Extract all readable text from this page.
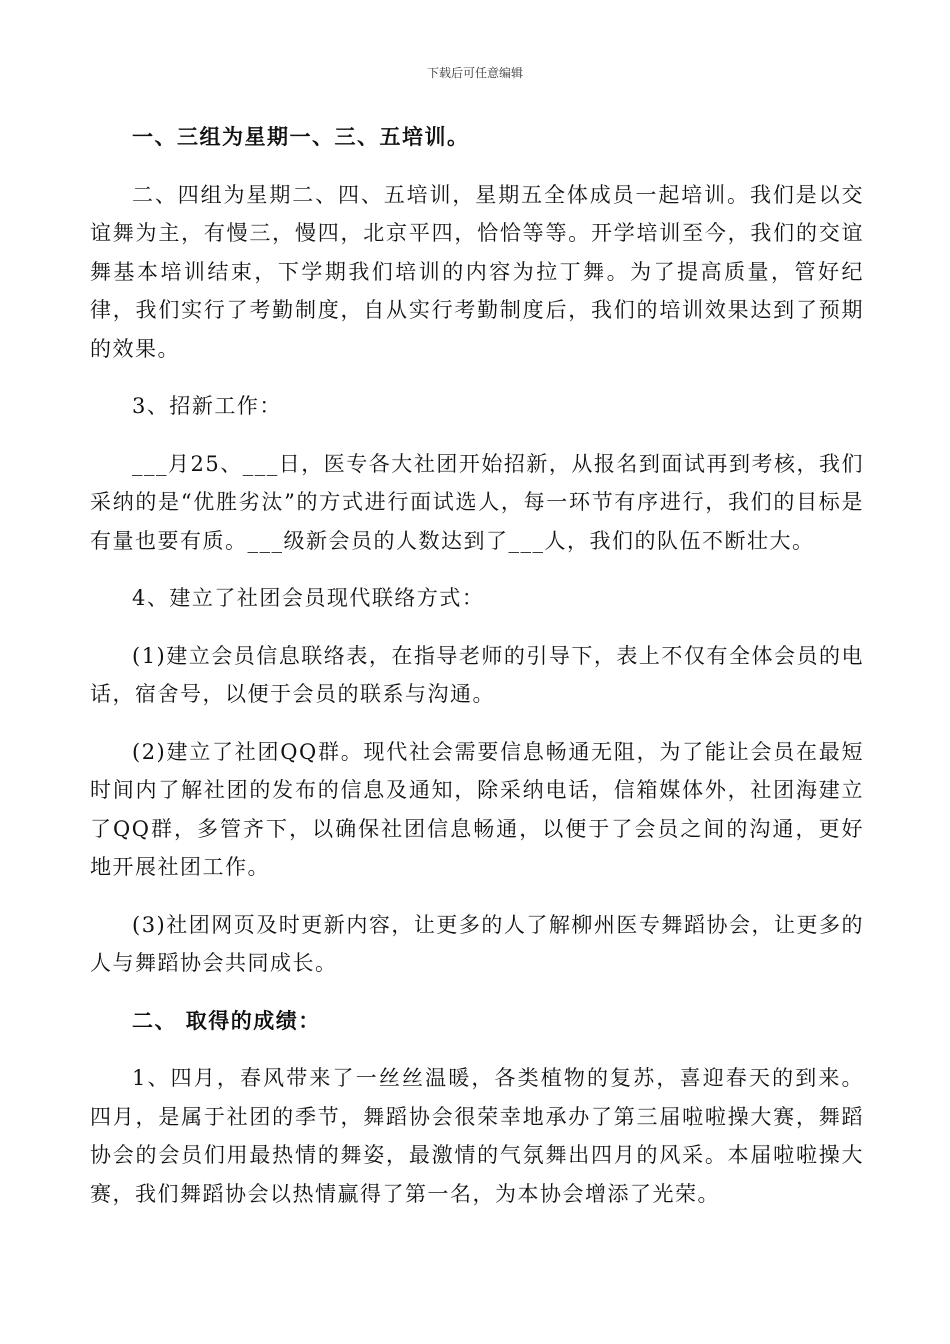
下载后可任意编辑

一、三组为星期一、三、五培训。

二、四组为星期二、四、五培训，星期五全体成员一起培训。我们是以交谊舞为主，有慢三，慢四，北京平四，恰恰等等。开学培训至今，我们的交谊舞基本培训结束，下学期我们培训的内容为拉丁舞。为了提高质量，管好纪律，我们实行了考勤制度，自从实行考勤制度后，我们的培训效果达到了预期的效果。

3、招新工作：

___月25、___日，医专各大社团开始招新，从报名到面试再到考核，我们采纳的是“优胜劣汰”的方式进行面试选人，每一环节有序进行，我们的目标是有量也要有质。___级新会员的人数达到了___人，我们的队伍不断壮大。

4、建立了社团会员现代联络方式：

(1)建立会员信息联络表，在指导老师的引导下，表上不仅有全体会员的电话，宿舍号，以便于会员的联系与沟通。

(2)建立了社团QQ群。现代社会需要信息畅通无阻，为了能让会员在最短时间内了解社团的发布的信息及通知，除采纳电话，信箱媒体外，社团海建立了QQ群，多管齐下，以确保社团信息畅通，以便于了会员之间的沟通，更好地开展社团工作。

(3)社团网页及时更新内容，让更多的人了解柳州医专舞蹈协会，让更多的人与舞蹈协会共同成长。

二、 取得的成绩：

1、四月，春风带来了一丝丝温暖，各类植物的复苏，喜迎春天的到来。四月，是属于社团的季节，舞蹈协会很荣幸地承办了第三届啦啦操大赛，舞蹈协会的会员们用最热情的舞姿，最激情的气氛舞出四月的风采。本届啦啦操大赛，我们舞蹈协会以热情赢得了第一名，为本协会增添了光荣。
